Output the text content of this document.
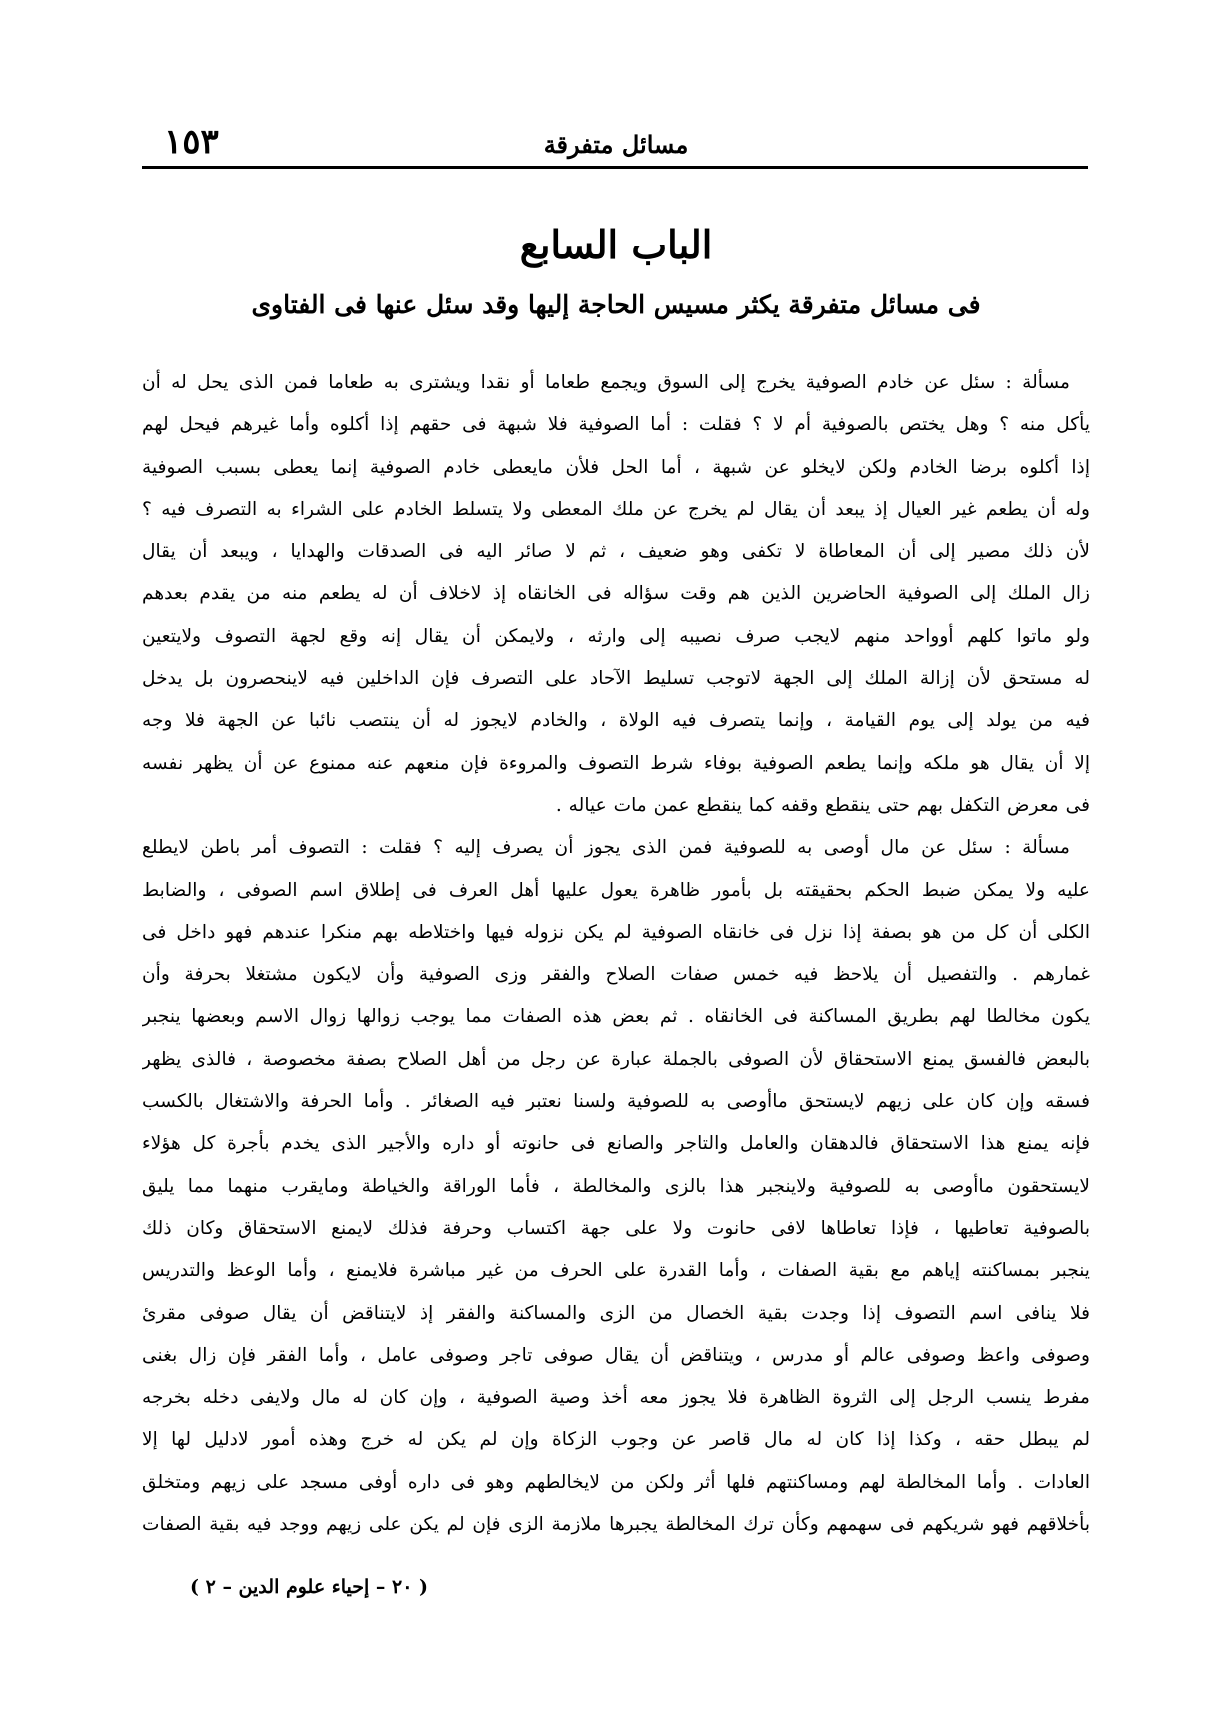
١٥٣	مسائل متفرقة
الباب السابع
فى مسائل متفرقة يكثر مسيس الحاجة إليها وقد سئل عنها فى الفتاوى
مسألة : سئل عن خادم الصوفية يخرج إلى السوق ويجمع طعاما أو نقدا ويشترى به طعاما فمن الذى يحل له أن
يأكل منه ؟ وهل يختص بالصوفية أم لا ؟ فقلت : أما الصوفية فلا شبهة فى حقهم إذا أكلوه وأما غيرهم فيحل لهم
إذا أكلوه برضا الخادم ولكن لايخلو عن شبهة ، أما الحل فلأن مايعطى خادم الصوفية إنما يعطى بسبب الصوفية
وله أن يطعم غير العيال إذ يبعد أن يقال لم يخرج عن ملك المعطى ولا يتسلط الخادم على الشراء به التصرف فيه ؟
لأن ذلك مصير إلى أن المعاطاة لا تكفى وهو ضعيف ، ثم لا صائر اليه فى الصدقات والهدايا ، ويبعد أن يقال
زال الملك إلى الصوفية الحاضرين الذين هم وقت سؤاله فى الخانقاه إذ لاخلاف أن له يطعم منه من يقدم بعدهم
ولو ماتوا كلهم أوواحد منهم لايجب صرف نصيبه إلى وارثه ، ولايمكن أن يقال إنه وقع لجهة التصوف ولايتعين
له مستحق لأن إزالة الملك إلى الجهة لاتوجب تسليط الآحاد على التصرف فإن الداخلين فيه لاينحصرون بل يدخل
فيه من يولد إلى يوم القيامة ، وإنما يتصرف فيه الولاة ، والخادم لايجوز له أن ينتصب نائبا عن الجهة فلا وجه
إلا أن يقال هو ملكه وإنما يطعم الصوفية بوفاء شرط التصوف والمروءة فإن منعهم عنه ممنوع عن أن يظهر نفسه
فى معرض التكفل بهم حتى ينقطع وقفه كما ينقطع عمن مات عياله .
مسألة : سئل عن مال أوصى به للصوفية فمن الذى يجوز أن يصرف إليه ؟ فقلت : التصوف أمر باطن لايطلع
عليه ولا يمكن ضبط الحكم بحقيقته بل بأمور ظاهرة يعول عليها أهل العرف فى إطلاق اسم الصوفى ، والضابط
الكلى أن كل من هو بصفة إذا نزل فى خانقاه الصوفية لم يكن نزوله فيها واختلاطه بهم منكرا عندهم فهو داخل فى
غمارهم . والتفصيل أن يلاحظ فيه خمس صفات الصلاح والفقر وزى الصوفية وأن لايكون مشتغلا بحرفة وأن
يكون مخالطا لهم بطريق المساكنة فى الخانقاه . ثم بعض هذه الصفات مما يوجب زوالها زوال الاسم وبعضها ينجبر
بالبعض فالفسق يمنع الاستحقاق لأن الصوفى بالجملة عبارة عن رجل من أهل الصلاح بصفة مخصوصة ، فالذى يظهر
فسقه وإن كان على زيهم لايستحق ماأوصى به للصوفية ولسنا نعتبر فيه الصغائر . وأما الحرفة والاشتغال بالكسب
فإنه يمنع هذا الاستحقاق فالدهقان والعامل والتاجر والصانع فى حانوته أو داره والأجير الذى يخدم بأجرة كل هؤلاء
لايستحقون ماأوصى به للصوفية ولاينجبر هذا بالزى والمخالطة ، فأما الوراقة والخياطة ومايقرب منهما مما يليق
بالصوفية تعاطيها ، فإذا تعاطاها لافى حانوت ولا على جهة اكتساب وحرفة فذلك لايمنع الاستحقاق وكان ذلك
ينجبر بمساكنته إياهم مع بقية الصفات ، وأما القدرة على الحرف من غير مباشرة فلايمنع ، وأما الوعظ والتدريس
فلا ينافى اسم التصوف إذا وجدت بقية الخصال من الزى والمساكنة والفقر إذ لايتناقض أن يقال صوفى مقرئ
وصوفى واعظ وصوفى عالم أو مدرس ، ويتناقض أن يقال صوفى تاجر وصوفى عامل ، وأما الفقر فإن زال بغنى
مفرط ينسب الرجل إلى الثروة الظاهرة فلا يجوز معه أخذ وصية الصوفية ، وإن كان له مال ولايفى دخله بخرجه
لم يبطل حقه ، وكذا إذا كان له مال قاصر عن وجوب الزكاة وإن لم يكن له خرج وهذه أمور لادليل لها إلا
العادات . وأما المخالطة لهم ومساكنتهم فلها أثر ولكن من لايخالطهم وهو فى داره أوفى مسجد على زيهم ومتخلق
بأخلاقهم فهو شريكهم فى سهمهم وكأن ترك المخالطة يجبرها ملازمة الزى فإن لم يكن على زيهم ووجد فيه بقية الصفات
( ٢٠ – إحياء علوم الدين – ٢ )
